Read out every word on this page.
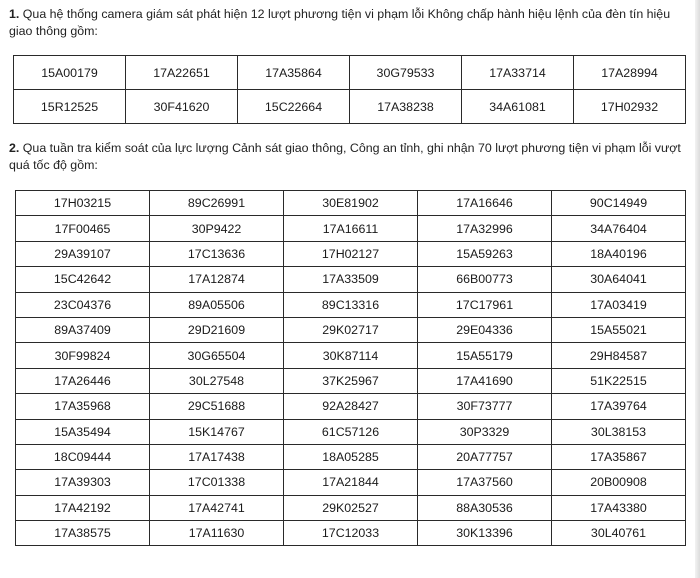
1. Qua hệ thống camera giám sát phát hiện 12 lượt phương tiện vi phạm lỗi Không chấp hành hiệu lệnh của đèn tín hiệu giao thông gồm:
15A00179	17A22651	17A35864	30G79533	17A33714	17A28994
15R12525	30F41620	15C22664	17A38238	34A61081	17H02932
2. Qua tuần tra kiểm soát của lực lượng Cảnh sát giao thông, Công an tỉnh, ghi nhận 70 lượt phương tiện vi phạm lỗi vượt quá tốc độ gồm:
17H03215	89C26991	30E81902	17A16646	90C14949
17F00465	30P9422	17A16611	17A32996	34A76404
29A39107	17C13636	17H02127	15A59263	18A40196
15C42642	17A12874	17A33509	66B00773	30A64041
23C04376	89A05506	89C13316	17C17961	17A03419
89A37409	29D21609	29K02717	29E04336	15A55021
30F99824	30G65504	30K87114	15A55179	29H84587
17A26446	30L27548	37K25967	17A41690	51K22515
17A35968	29C51688	92A28427	30F73777	17A39764
15A35494	15K14767	61C57126	30P3329	30L38153
18C09444	17A17438	18A05285	20A77757	17A35867
17A39303	17C01338	17A21844	17A37560	20B00908
17A42192	17A42741	29K02527	88A30536	17A43380
17A38575	17A11630	17C12033	30K13396	30L40761
